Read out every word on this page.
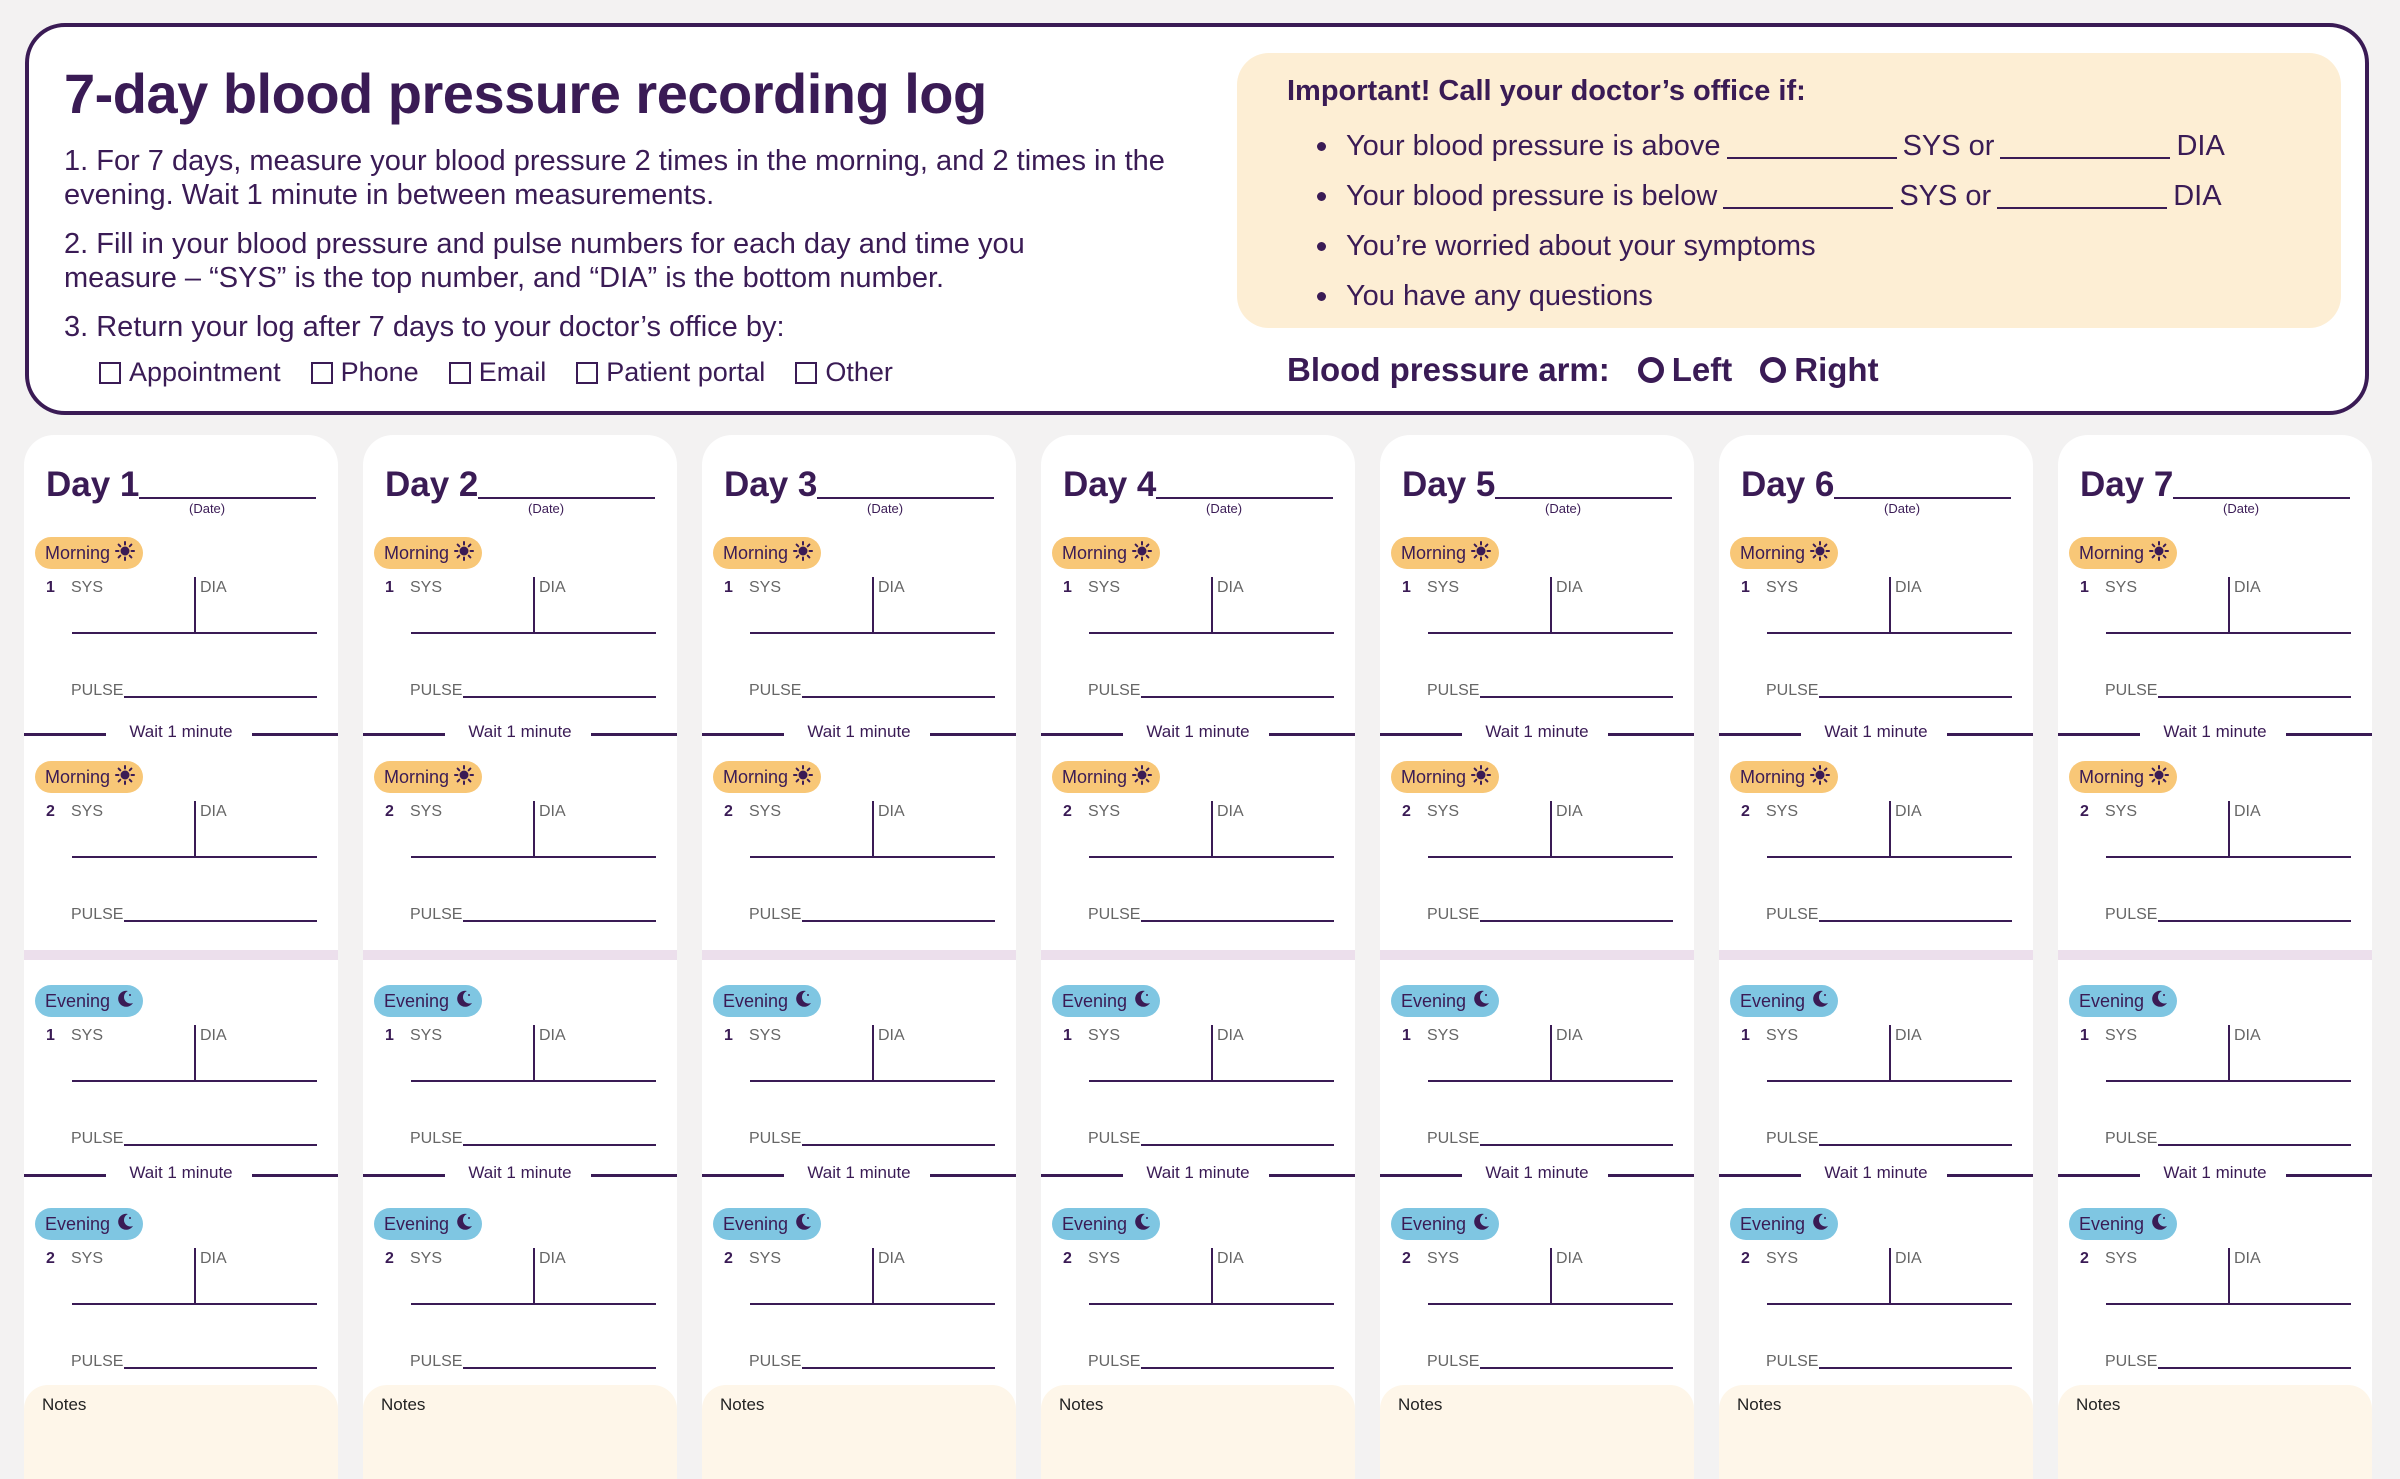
7-day blood pressure recording log
1. For 7 days, measure your blood pressure 2 times in the morning, and 2 times in the evening. Wait 1 minute in between measurements.
2. Fill in your blood pressure and pulse numbers for each day and time you measure – “SYS” is the top number, and “DIA” is the bottom number.
3. Return your log after 7 days to your doctor’s office by:
Appointment Phone Email Patient portal Other
Important! Call your doctor’s office if:
Your blood pressure is above	SYS or	DIA
Your blood pressure is below	SYS or	DIA
You’re worried about your symptoms
You have any questions
Blood pressure arm: Left Right
Day 1
(Date)
Morning
1 SYS	DIA
PULSE
Wait 1 minute
Morning
2 SYS	DIA
PULSE
Evening
1 SYS	DIA
PULSE
Wait 1 minute
Evening
2 SYS	DIA
PULSE
Notes
Day 2
(Date)
Morning
1 SYS	DIA
PULSE
Wait 1 minute
Morning
2 SYS	DIA
PULSE
Evening
1 SYS	DIA
PULSE
Wait 1 minute
Evening
2 SYS	DIA
PULSE
Notes
Day 3
(Date)
Morning
1 SYS	DIA
PULSE
Wait 1 minute
Morning
2 SYS	DIA
PULSE
Evening
1 SYS	DIA
PULSE
Wait 1 minute
Evening
2 SYS	DIA
PULSE
Notes
Day 4
(Date)
Morning
1 SYS	DIA
PULSE
Wait 1 minute
Morning
2 SYS	DIA
PULSE
Evening
1 SYS	DIA
PULSE
Wait 1 minute
Evening
2 SYS	DIA
PULSE
Notes
Day 5
(Date)
Morning
1 SYS	DIA
PULSE
Wait 1 minute
Morning
2 SYS	DIA
PULSE
Evening
1 SYS	DIA
PULSE
Wait 1 minute
Evening
2 SYS	DIA
PULSE
Notes
Day 6
(Date)
Morning
1 SYS	DIA
PULSE
Wait 1 minute
Morning
2 SYS	DIA
PULSE
Evening
1 SYS	DIA
PULSE
Wait 1 minute
Evening
2 SYS	DIA
PULSE
Notes
Day 7
(Date)
Morning
1 SYS	DIA
PULSE
Wait 1 minute
Morning
2 SYS	DIA
PULSE
Evening
1 SYS	DIA
PULSE
Wait 1 minute
Evening
2 SYS	DIA
PULSE
Notes
